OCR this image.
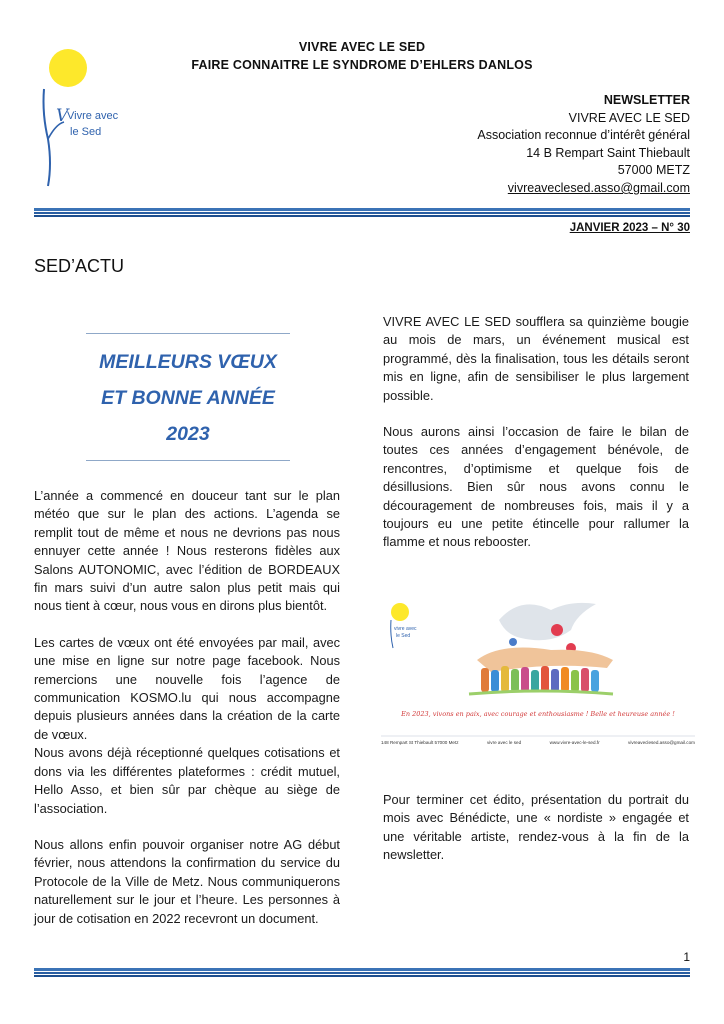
VIVRE AVEC LE SED
FAIRE CONNAITRE LE SYNDROME D’EHLERS DANLOS
V
Vivre avec
le Sed
NEWSLETTER
VIVRE AVEC LE SED
Association reconnue d’intérêt général
14 B Rempart Saint Thiebault
57000 METZ
vivreaveclesed.asso@gmail.com
JANVIER 2023 – N° 30
SED’ACTU
MEILLEURS VŒUX
ET BONNE ANNÉE
2023

L’année a commencé en douceur tant sur le plan météo que sur le plan des actions. L’agenda se remplit tout de même et nous ne devrions pas nous ennuyer cette année ! Nous resterons fidèles aux Salons AUTONOMIC, avec l’édition de BORDEAUX fin mars suivi d’un autre salon plus petit mais qui nous tient à cœur, nous vous en dirons plus bientôt.

Les cartes de vœux ont été envoyées par mail, avec une mise en ligne sur notre page facebook. Nous remercions une nouvelle fois l’agence de communication KOSMO.lu qui nous accompagne depuis plusieurs années dans la création de la carte de vœux.

Nous avons déjà réceptionné quelques cotisations et dons via les différentes plateformes : crédit mutuel, Hello Asso, et bien sûr par chèque au siège de l’association.

Nous allons enfin pouvoir organiser notre AG début février, nous attendons la confirmation du service du Protocole de la Ville de Metz. Nous communiquerons naturellement sur le jour et l’heure. Les personnes à jour de cotisation en 2022 recevront un document.

VIVRE AVEC LE SED soufflera sa quinzième bougie au mois de mars, un événement musical est programmé, dès la finalisation, tous les détails seront mis en ligne, afin de sensibiliser le plus largement possible.

Nous aurons ainsi l’occasion de faire le bilan de toutes ces années d’engagement bénévole, de rencontres, d’optimisme et quelque fois de désillusions. Bien sûr nous avons connu le découragement de nombreuses fois, mais il y a toujours eu une petite étincelle pour rallumer la flamme et nous rebooster.

vivre avec
le Sed
En 2023, vivons en paix, avec courage et enthousiasme ! Belle et heureuse année !
148 Rempart St Thiebault 57000 Metz	vivre avec le sed	www.vivre-avec-le-sed.fr	vivreaveclesed.asso@gmail.com

Pour terminer cet édito, présentation du portrait du mois avec Bénédicte, une « nordiste » engagée et une véritable artiste, rendez-vous à la fin de la newsletter.

1
